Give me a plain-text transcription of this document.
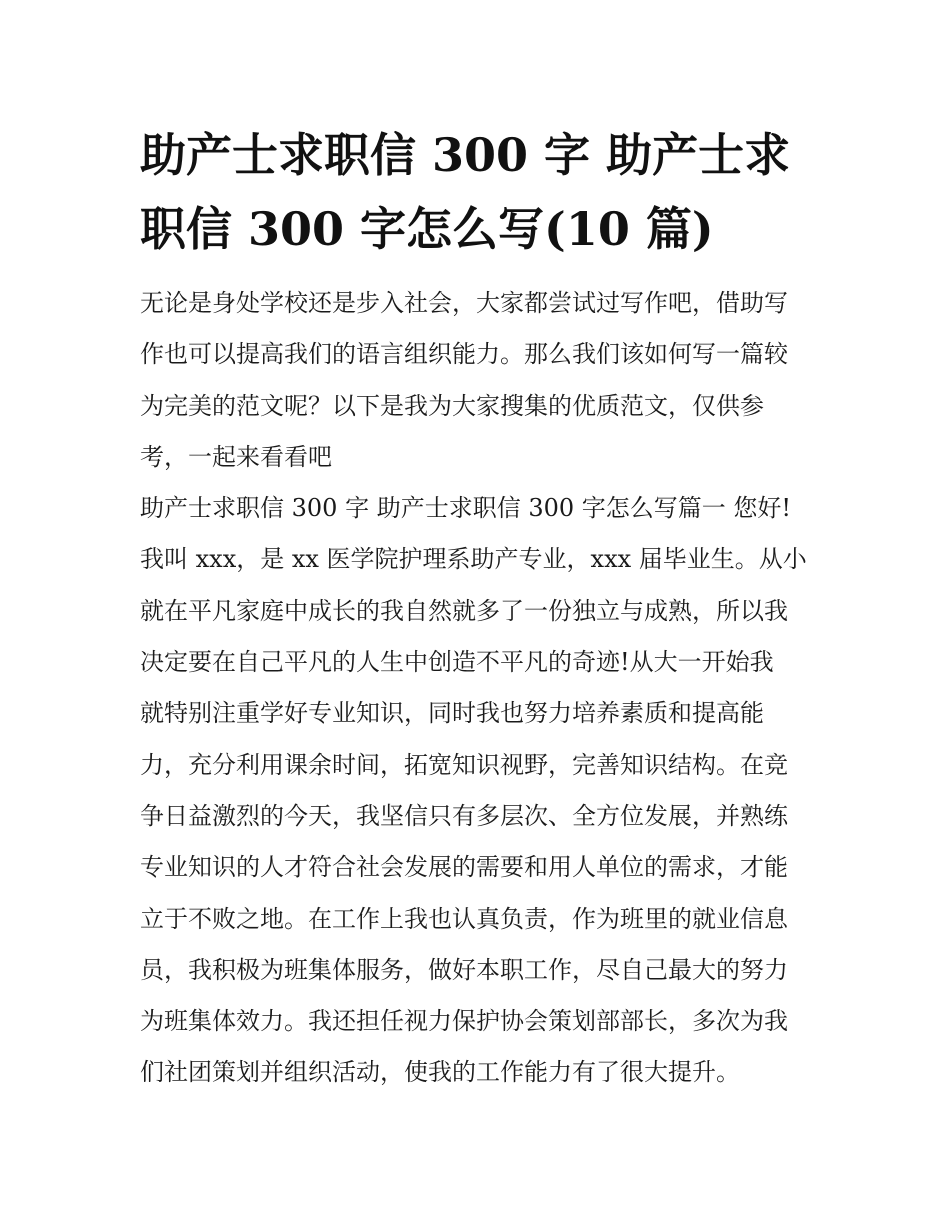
助产士求职信 300 字 助产士求
职信 300 字怎么写(10 篇)
无论是身处学校还是步入社会，大家都尝试过写作吧，借助写
作也可以提高我们的语言组织能力。那么我们该如何写一篇较
为完美的范文呢？以下是我为大家搜集的优质范文，仅供参
考，一起来看看吧
助产士求职信 300 字 助产士求职信 300 字怎么写篇一 您好!
我叫 xxx，是 xx 医学院护理系助产专业，xxx 届毕业生。从小
就在平凡家庭中成长的我自然就多了一份独立与成熟，所以我
决定要在自己平凡的人生中创造不平凡的奇迹!从大一开始我
就特别注重学好专业知识，同时我也努力培养素质和提高能
力，充分利用课余时间，拓宽知识视野，完善知识结构。在竞
争日益激烈的今天，我坚信只有多层次、全方位发展，并熟练
专业知识的人才符合社会发展的需要和用人单位的需求，才能
立于不败之地。在工作上我也认真负责，作为班里的就业信息
员，我积极为班集体服务，做好本职工作，尽自己最大的努力
为班集体效力。我还担任视力保护协会策划部部长，多次为我
们社团策划并组织活动，使我的工作能力有了很大提升。
